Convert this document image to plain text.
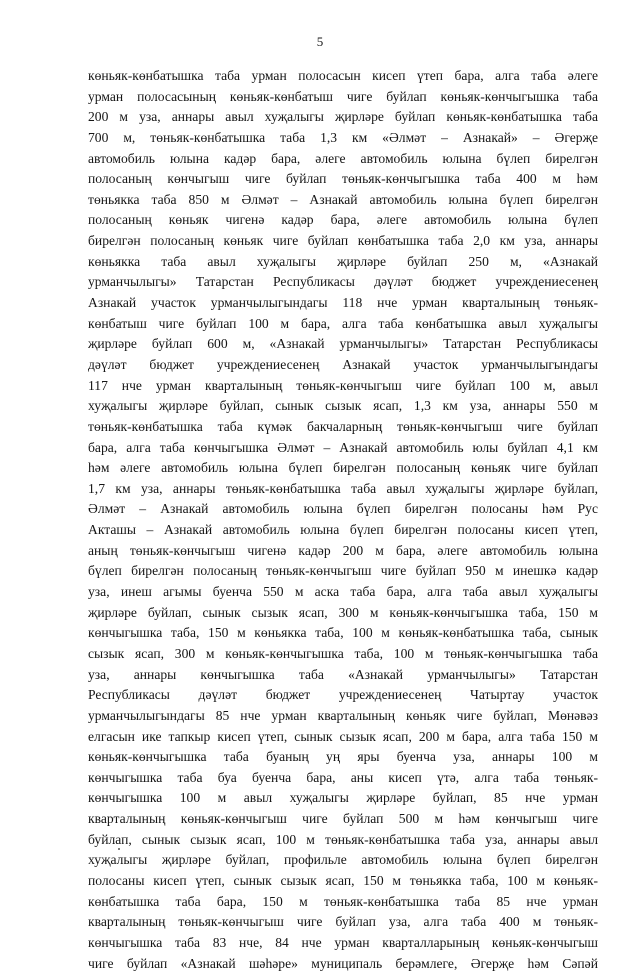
5
көньяк-көнбатышка таба урман полосасын кисеп үтеп бара, алга таба әлеге
урман полосасының көньяк-көнбатыш чиге буйлап көньяк-көнчыгышка таба
200 м уза, аннары авыл хуҗалыгы җирләре буйлап көньяк-көнбатышка таба
700 м, төньяк-көнбатышка таба 1,3 км «Әлмәт – Азнакай» – Әгерҗе
автомобиль юлына кадәр бара, әлеге автомобиль юлына бүлеп бирелгән
полосаның көнчыгыш чиге буйлап төньяк-көнчыгышка таба 400 м һәм
төньякка таба 850 м Әлмәт – Азнакай автомобиль юлына бүлеп бирелгән
полосаның көньяк чигенә кадәр бара, әлеге автомобиль юлына бүлеп
бирелгән полосаның көньяк чиге буйлап көнбатышка таба 2,0 км уза, аннары
көньякка таба авыл хуҗалыгы җирләре буйлап 250 м, «Азнакай
урманчылыгы» Татарстан Республикасы дәүләт бюджет учреждениесенең
Азнакай участок урманчылыгындагы 118 нче урман кварталының төньяк-
көнбатыш чиге буйлап 100 м бара, алга таба көнбатышка авыл хуҗалыгы
җирләре буйлап 600 м, «Азнакай урманчылыгы» Татарстан Республикасы
дәүләт бюджет учреждениесенең Азнакай участок урманчылыгындагы
117 нче урман кварталының төньяк-көнчыгыш чиге буйлап 100 м, авыл
хуҗалыгы җирләре буйлап, сынык сызык ясап, 1,3 км уза, аннары 550 м
төньяк-көнбатышка таба күмәк бакчаларның төньяк-көнчыгыш чиге буйлап
бара, алга таба көнчыгышка Әлмәт – Азнакай автомобиль юлы буйлап 4,1 км
һәм әлеге автомобиль юлына бүлеп бирелгән полосаның көньяк чиге буйлап
1,7 км уза, аннары төньяк-көнбатышка таба авыл хуҗалыгы җирләре буйлап,
Әлмәт – Азнакай автомобиль юлына бүлеп бирелгән полосаны һәм Рус
Акташы – Азнакай автомобиль юлына бүлеп бирелгән полосаны кисеп үтеп,
аның төньяк-көнчыгыш чигенә кадәр 200 м бара, әлеге автомобиль юлына
бүлеп бирелгән полосаның төньяк-көнчыгыш чиге буйлап 950 м инешкә кадәр
уза, инеш агымы буенча 550 м аска таба бара, алга таба авыл хуҗалыгы
җирләре буйлап, сынык сызык ясап, 300 м көньяк-көнчыгышка таба, 150 м
көнчыгышка таба, 150 м көньякка таба, 100 м көньяк-көнбатышка таба, сынык
сызык ясап, 300 м көньяк-көнчыгышка таба, 100 м төньяк-көнчыгышка таба
уза, аннары көнчыгышка таба «Азнакай урманчылыгы» Татарстан
Республикасы дәүләт бюджет учреждениесенең Чатыртау участок
урманчылыгындагы 85 нче урман кварталының көньяк чиге буйлап, Мөнәвәз
елгасын ике тапкыр кисеп үтеп, сынык сызык ясап, 200 м бара, алга таба 150 м
көньяк-көнчыгышка таба буаның уң яры буенча уза, аннары 100 м
көнчыгышка таба буа буенча бара, аны кисеп үтә, алга таба төньяк-
көнчыгышка 100 м авыл хуҗалыгы җирләре буйлап, 85 нче урман
кварталының көньяк-көнчыгыш чиге буйлап 500 м һәм көнчыгыш чиге
буйлап, сынык сызык ясап, 100 м төньяк-көнбатышка таба уза, аннары авыл
хуҗалыгы җирләре буйлап, профильле автомобиль юлына бүлеп бирелгән
полосаны кисеп үтеп, сынык сызык ясап, 150 м төньякка таба, 100 м көньяк-
көнбатышка таба бара, 150 м төньяк-көнбатышка таба 85 нче урман
кварталының төньяк-көнчыгыш чиге буйлап уза, алга таба 400 м төньяк-
көнчыгышка таба 83 нче, 84 нче урман кварталларының көньяк-көнчыгыш
чиге буйлап «Азнакай шәһәре» муниципаль берәмлеге, Әгерҗе һәм Сәпәй
